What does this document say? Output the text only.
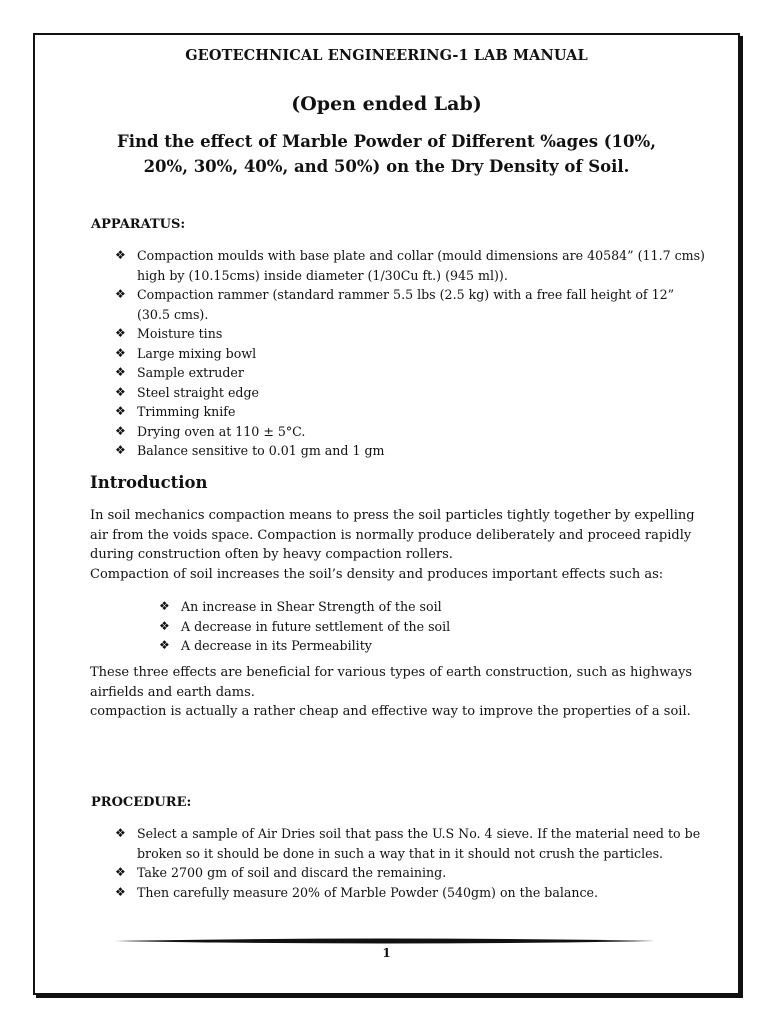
GEOTECHNICAL ENGINEERING-1 LAB MANUAL
(Open ended Lab)
Find the effect of Marble Powder of Different %ages (10%, 20%, 30%, 40%, and 50%) on the Dry Density of Soil.
APPARATUS:
❖ Compaction moulds with base plate and collar (mould dimensions are 40584” (11.7 cms) high by (10.15cms) inside diameter (1/30Cu ft.) (945 ml)).
❖ Compaction rammer (standard rammer 5.5 lbs (2.5 kg) with a free fall height of 12” (30.5 cms).
❖ Moisture tins
❖ Large mixing bowl
❖ Sample extruder
❖ Steel straight edge
❖ Trimming knife
❖ Drying oven at 110 ± 5°C.
❖ Balance sensitive to 0.01 gm and 1 gm
Introduction
In soil mechanics compaction means to press the soil particles tightly together by expelling air from the voids space. Compaction is normally produce deliberately and proceed rapidly during construction often by heavy compaction rollers.
Compaction of soil increases the soil’s density and produces important effects such as:
❖ An increase in Shear Strength of the soil
❖ A decrease in future settlement of the soil
❖ A decrease in its Permeability
These three effects are beneficial for various types of earth construction, such as highways airfields and earth dams.
compaction is actually a rather cheap and effective way to improve the properties of a soil.
PROCEDURE:
❖ Select a sample of Air Dries soil that pass the U.S No. 4 sieve. If the material need to be broken so it should be done in such a way that in it should not crush the particles.
❖ Take 2700 gm of soil and discard the remaining.
❖ Then carefully measure 20% of Marble Powder (540gm) on the balance.
1
